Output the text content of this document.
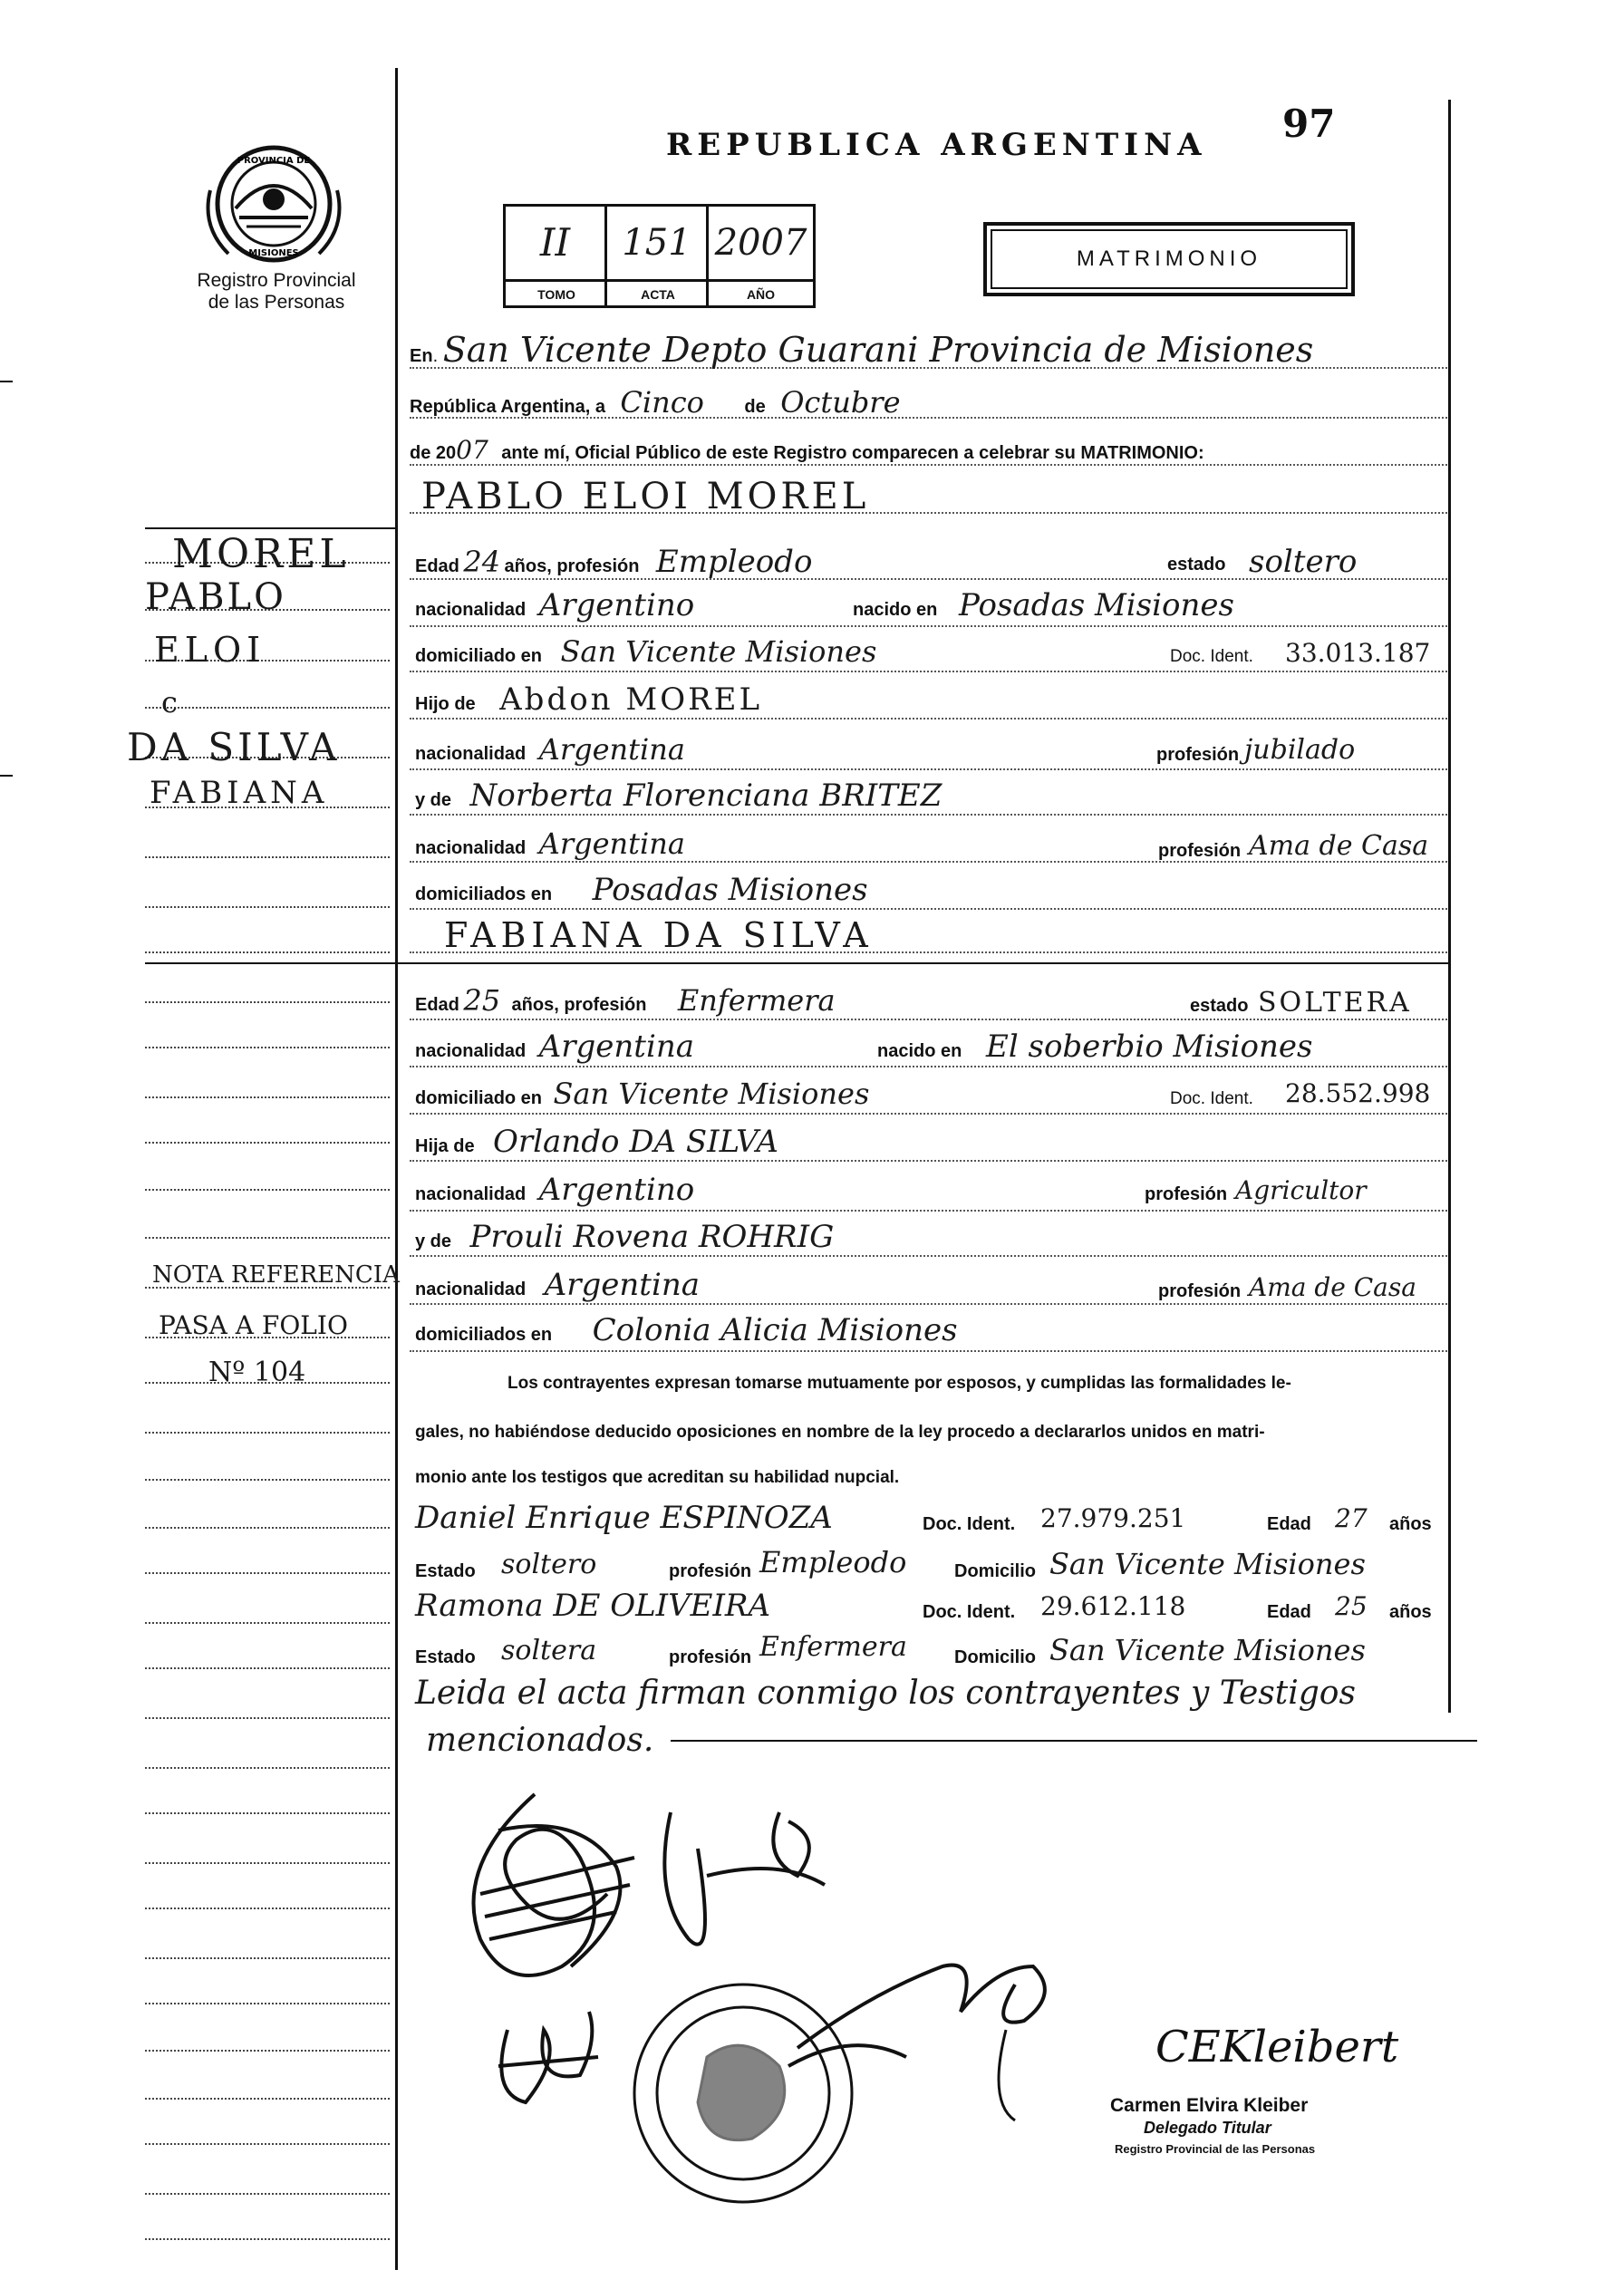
97
PROVINCIA DE
MISIONES
Registro Provincial
de las Personas
REPUBLICA ARGENTINA
II	151 2007
TOMO	ACTA	AÑO
MATRIMONIO
MOREL
PABLO
ELOI
c
DA SILVA
FABIANA
NOTA REFERENCIA
PASA A FOLIO
Nº 104
En. San Vicente Depto Guarani Provincia de Misiones
República Argentina, a Cinco de Octubre
de 2007 ante mí, Oficial Público de este Registro comparecen a celebrar su MATRIMONIO:
PABLO ELOI MOREL
Edad 24 años, profesión Empleodo	estado soltero
nacionalidad Argentino	nacido en Posadas Misiones
domiciliado en San Vicente Misiones	Doc. Ident. 33.013.187
Hijo de Abdon MOREL
nacionalidad Argentina	profesión jubilado
y de Norberta Florenciana BRITEZ
nacionalidad Argentina	profesión Ama de Casa
domiciliados en Posadas Misiones
FABIANA DA SILVA
Edad 25 años, profesión Enfermera	estado SOLTERA
nacionalidad Argentina	nacido en El soberbio Misiones
domiciliado en San Vicente Misiones	Doc. Ident. 28.552.998
Hija de Orlando DA SILVA
nacionalidad Argentino	profesión Agricultor
y de Prouli Rovena ROHRIG
nacionalidad Argentina	profesión Ama de Casa
domiciliados en Colonia Alicia Misiones
Los contrayentes expresan tomarse mutuamente por esposos, y cumplidas las formalidades le-
gales, no habiéndose deducido oposiciones en nombre de la ley procedo a declararlos unidos en matri-
monio ante los testigos que acreditan su habilidad nupcial.
Daniel Enrique ESPINOZA	Doc. Ident. 27.979.251	Edad 27 años
Estado soltero	profesión Empleodo	Domicilio San Vicente Misiones
Ramona DE OLIVEIRA	Doc. Ident. 29.612.118	Edad 25 años
Estado soltera	profesión Enfermera	Domicilio San Vicente Misiones
Leida el acta firman conmigo los contrayentes y Testigos
mencionados.
CEKleibert
Carmen Elvira Kleiber
Delegado Titular
Registro Provincial de las Personas
